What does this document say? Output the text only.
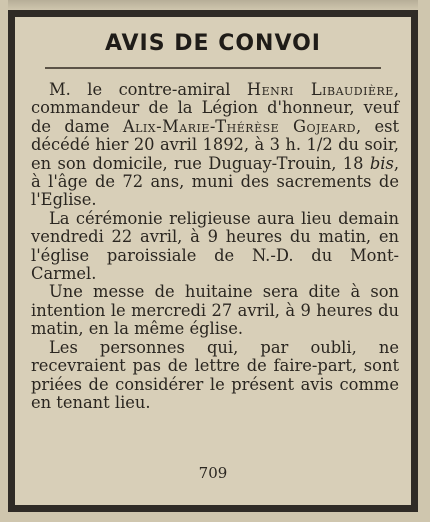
AVIS DE CONVOI

M. le contre-amiral Henri Libaudière, commandeur de la Légion d'honneur, veuf de dame Alix-Marie-Thérèse Gojeard, est décédé hier 20 avril 1892, à 3 h. 1/2 du soir, en son domicile, rue Duguay-Trouin, 18 bis, à l'âge de 72 ans, muni des sacrements de l'Eglise.

La cérémonie religieuse aura lieu demain vendredi 22 avril, à 9 heures du matin, en l'église paroissiale de N.-D. du Mont-Carmel.

Une messe de huitaine sera dite à son intention le mercredi 27 avril, à 9 heures du matin, en la même église.

Les personnes qui, par oubli, ne recevraient pas de lettre de faire-part, sont priées de considérer le présent avis comme en tenant lieu.

709
